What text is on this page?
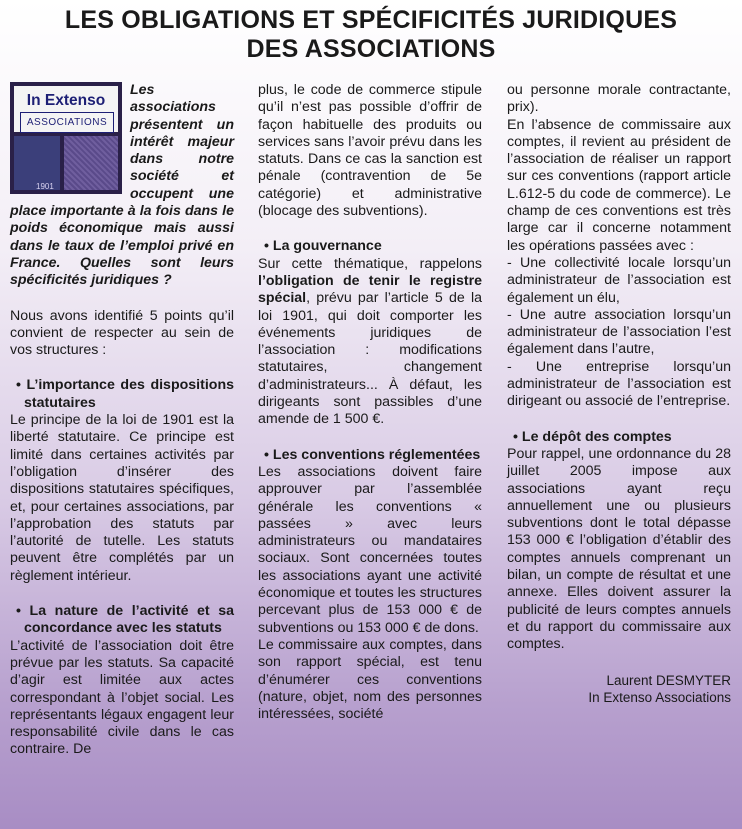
LES OBLIGATIONS ET SPÉCIFICITÉS JURIDIQUES
DES ASSOCIATIONS
In Extenso
ASSOCIATIONS
1901

Les associations présentent un intérêt majeur dans notre société et occupent une place importante à la fois dans le poids économique mais aussi dans le taux de l’emploi privé en France. Quelles sont leurs spécificités juridiques ?

Nous avons identifié 5 points qu’il convient de respecter au sein de vos structures :

• L’importance des dispositions statutaires

Le principe de la loi de 1901 est la liberté statutaire. Ce principe est limité dans certaines activités par l’obligation d’insérer des dispositions statutaires spécifiques, et, pour certaines associations, par l’approbation des statuts par l’autorité de tutelle. Les statuts peuvent être complétés par un règlement intérieur.

• La nature de l’activité et sa concordance avec les statuts

L’activité de l’association doit être prévue par les statuts. Sa capacité d’agir est limitée aux actes correspondant à l’objet social. Les représentants légaux engagent leur responsabilité civile dans le cas contraire. De

plus, le code de commerce stipule qu’il n’est pas possible d’offrir de façon habituelle des produits ou services sans l’avoir prévu dans les statuts. Dans ce cas la sanction est pénale (contravention de 5e catégorie) et administrative (blocage des subventions).

• La gouvernance

Sur cette thématique, rappelons l’obligation de tenir le registre spécial, prévu par l’article 5 de la loi 1901, qui doit comporter les événements juridiques de l’association : modifications statutaires, changement d’administrateurs... À défaut, les dirigeants sont passibles d’une amende de 1 500 €.

• Les conventions réglementées

Les associations doivent faire approuver par l’assemblée générale les conventions « passées » avec leurs administrateurs ou mandataires sociaux. Sont concernées toutes les associations ayant une activité économique et toutes les structures percevant plus de 153 000 € de subventions ou 153 000 € de dons.

Le commissaire aux comptes, dans son rapport spécial, est tenu d’énumérer ces conventions (nature, objet, nom des personnes intéressées, société

ou personne morale contractante, prix).

En l’absence de commissaire aux comptes, il revient au président de l’association de réaliser un rapport sur ces conventions (rapport article L.612-5 du code de commerce). Le champ de ces conventions est très large car il concerne notamment les opérations passées avec :

- Une collectivité locale lorsqu’un administrateur de l’association est également un élu,

- Une autre association lorsqu’un administrateur de l’association l’est également dans l’autre,

- Une entreprise lorsqu’un administrateur de l’association est dirigeant ou associé de l’entreprise.

• Le dépôt des comptes

Pour rappel, une ordonnance du 28 juillet 2005 impose aux associations ayant reçu annuellement une ou plusieurs subventions dont le total dépasse 153 000 € l’obligation d’établir des comptes annuels comprenant un bilan, un compte de résultat et une annexe. Elles doivent assurer la publicité de leurs comptes annuels et du rapport du commissaire aux comptes.

Laurent DESMYTER

In Extenso Associations
